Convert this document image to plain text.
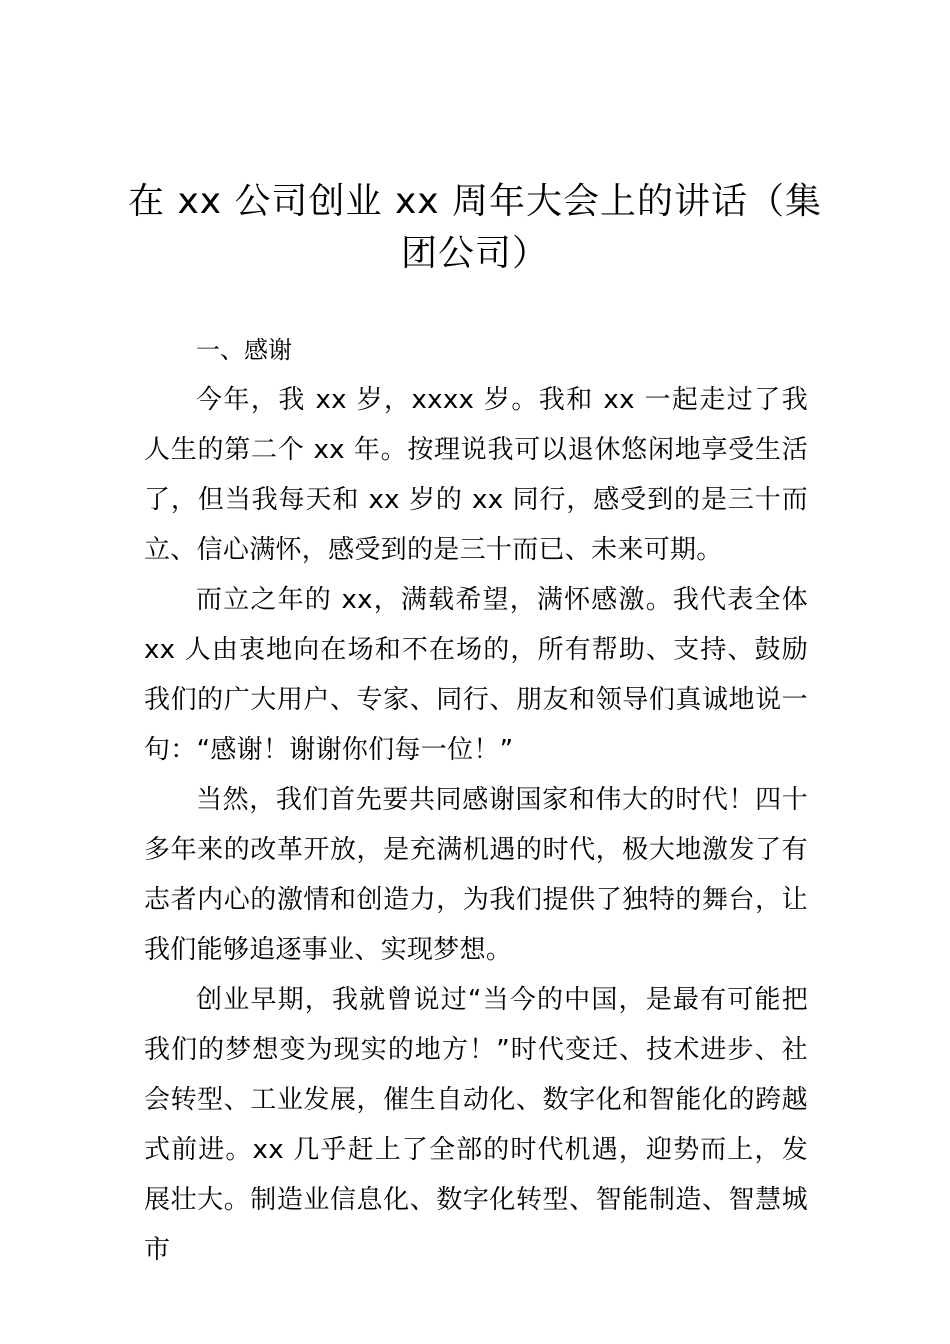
在 xx 公司创业 xx 周年大会上的讲话（集团公司）

一、感谢

今年，我 xx 岁，xxxx 岁。我和 xx 一起走过了我人生的第二个 xx 年。按理说我可以退休悠闲地享受生活了，但当我每天和 xx 岁的 xx 同行，感受到的是三十而立、信心满怀，感受到的是三十而已、未来可期。

而立之年的 xx，满载希望，满怀感激。我代表全体 xx 人由衷地向在场和不在场的，所有帮助、支持、鼓励我们的广大用户、专家、同行、朋友和领导们真诚地说一句：“感谢！谢谢你们每一位！”

当然，我们首先要共同感谢国家和伟大的时代！四十多年来的改革开放，是充满机遇的时代，极大地激发了有志者内心的激情和创造力，为我们提供了独特的舞台，让我们能够追逐事业、实现梦想。

创业早期，我就曾说过“当今的中国，是最有可能把我们的梦想变为现实的地方！”时代变迁、技术进步、社会转型、工业发展，催生自动化、数字化和智能化的跨越式前进。xx 几乎赶上了全部的时代机遇，迎势而上，发展壮大。制造业信息化、数字化转型、智能制造、智慧城市
